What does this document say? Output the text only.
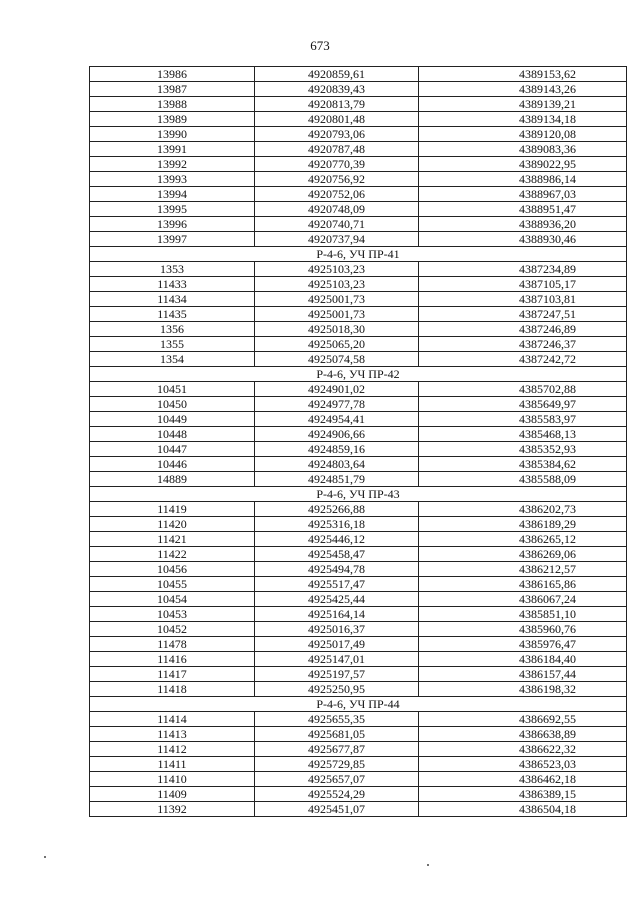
673
13986	4920859,61	4389153,62
13987	4920839,43	4389143,26
13988	4920813,79	4389139,21
13989	4920801,48	4389134,18
13990	4920793,06	4389120,08
13991	4920787,48	4389083,36
13992	4920770,39	4389022,95
13993	4920756,92	4388986,14
13994	4920752,06	4388967,03
13995	4920748,09	4388951,47
13996	4920740,71	4388936,20
13997	4920737,94	4388930,46
Р-4-6, УЧ ПР-41		
1353	4925103,23	4387234,89
11433	4925103,23	4387105,17
11434	4925001,73	4387103,81
11435	4925001,73	4387247,51
1356	4925018,30	4387246,89
1355	4925065,20	4387246,37
1354	4925074,58	4387242,72
Р-4-6, УЧ ПР-42		
10451	4924901,02	4385702,88
10450	4924977,78	4385649,97
10449	4924954,41	4385583,97
10448	4924906,66	4385468,13
10447	4924859,16	4385352,93
10446	4924803,64	4385384,62
14889	4924851,79	4385588,09
Р-4-6, УЧ ПР-43		
11419	4925266,88	4386202,73
11420	4925316,18	4386189,29
11421	4925446,12	4386265,12
11422	4925458,47	4386269,06
10456	4925494,78	4386212,57
10455	4925517,47	4386165,86
10454	4925425,44	4386067,24
10453	4925164,14	4385851,10
10452	4925016,37	4385960,76
11478	4925017,49	4385976,47
11416	4925147,01	4386184,40
11417	4925197,57	4386157,44
11418	4925250,95	4386198,32
Р-4-6, УЧ ПР-44		
11414	4925655,35	4386692,55
11413	4925681,05	4386638,89
11412	4925677,87	4386622,32
11411	4925729,85	4386523,03
11410	4925657,07	4386462,18
11409	4925524,29	4386389,15
11392	4925451,07	4386504,18
